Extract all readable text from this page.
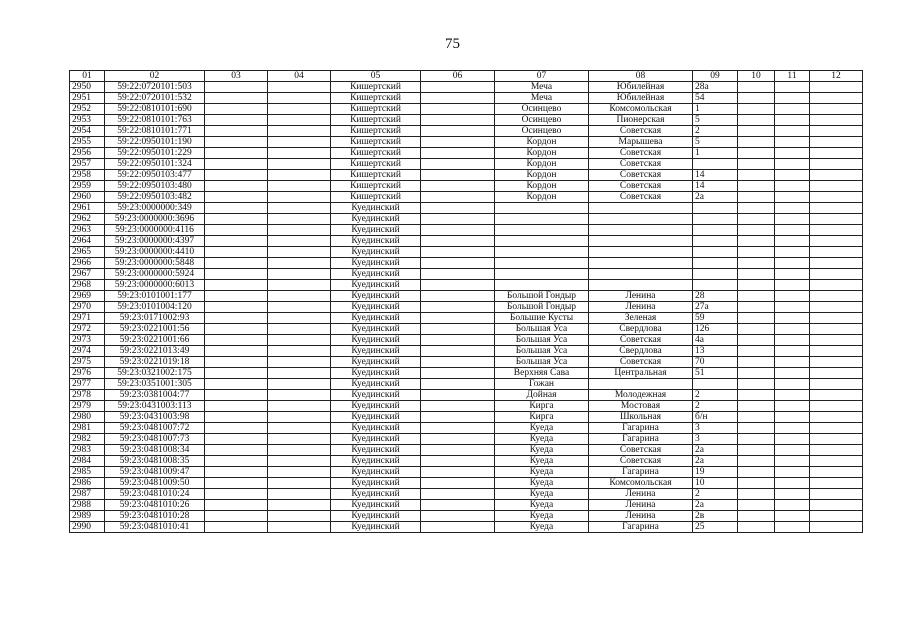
75
01	02	03	04	05	06	07	08	09	10	11	12
2950	59:22:0720101:503			Кишертский		Меча	Юбилейная	28а			
2951	59:22:0720101:532			Кишертский		Меча	Юбилейная	54			
2952	59:22:0810101:690			Кишертский		Осинцево	Комсомольская	1			
2953	59:22:0810101:763			Кишертский		Осинцево	Пионерская	5			
2954	59:22:0810101:771			Кишертский		Осинцево	Советская	2			
2955	59:22:0950101:190			Кишертский		Кордон	Марышева	5			
2956	59:22:0950101:229			Кишертский		Кордон	Советская	1			
2957	59:22:0950101:324			Кишертский		Кордон	Советская				
2958	59:22:0950103:477			Кишертский		Кордон	Советская	14			
2959	59:22:0950103:480			Кишертский		Кордон	Советская	14			
2960	59:22:0950103:482			Кишертский		Кордон	Советская	2а			
2961	59:23:0000000:349			Куединский							
2962	59:23:0000000:3696			Куединский							
2963	59:23:0000000:4116			Куединский							
2964	59:23:0000000:4397			Куединский							
2965	59:23:0000000:4410			Куединский							
2966	59:23:0000000:5848			Куединский							
2967	59:23:0000000:5924			Куединский							
2968	59:23:0000000:6013			Куединский							
2969	59:23:0101001:177			Куединский		Большой Гондыр	Ленина	28			
2970	59:23:0101004:120			Куединский		Большой Гондыр	Ленина	27а			
2971	59:23:0171002:93			Куединский		Большие Кусты	Зеленая	59			
2972	59:23:0221001:56			Куединский		Большая Уса	Свердлова	126			
2973	59:23:0221001:66			Куединский		Большая Уса	Советская	4а			
2974	59:23:0221013:49			Куединский		Большая Уса	Свердлова	13			
2975	59:23:0221019:18			Куединский		Большая Уса	Советская	70			
2976	59:23:0321002:175			Куединский		Верхняя Сава	Центральная	51			
2977	59:23:0351001:305			Куединский		Гожан					
2978	59:23:0381004:77			Куединский		Дойная	Молодежная	2			
2979	59:23:0431003:113			Куединский		Кирга	Мостовая	2			
2980	59:23:0431003:98			Куединский		Кирга	Школьная	б/н			
2981	59:23:0481007:72			Куединский		Куеда	Гагарина	3			
2982	59:23:0481007:73			Куединский		Куеда	Гагарина	3			
2983	59:23:0481008:34			Куединский		Куеда	Советская	2а			
2984	59:23:0481008:35			Куединский		Куеда	Советская	2а			
2985	59:23:0481009:47			Куединский		Куеда	Гагарина	19			
2986	59:23:0481009:50			Куединский		Куеда	Комсомольская	10			
2987	59:23:0481010:24			Куединский		Куеда	Ленина	2			
2988	59:23:0481010:26			Куединский		Куеда	Ленина	2а			
2989	59:23:0481010:28			Куединский		Куеда	Ленина	2в			
2990	59:23:0481010:41			Куединский		Куеда	Гагарина	25			
